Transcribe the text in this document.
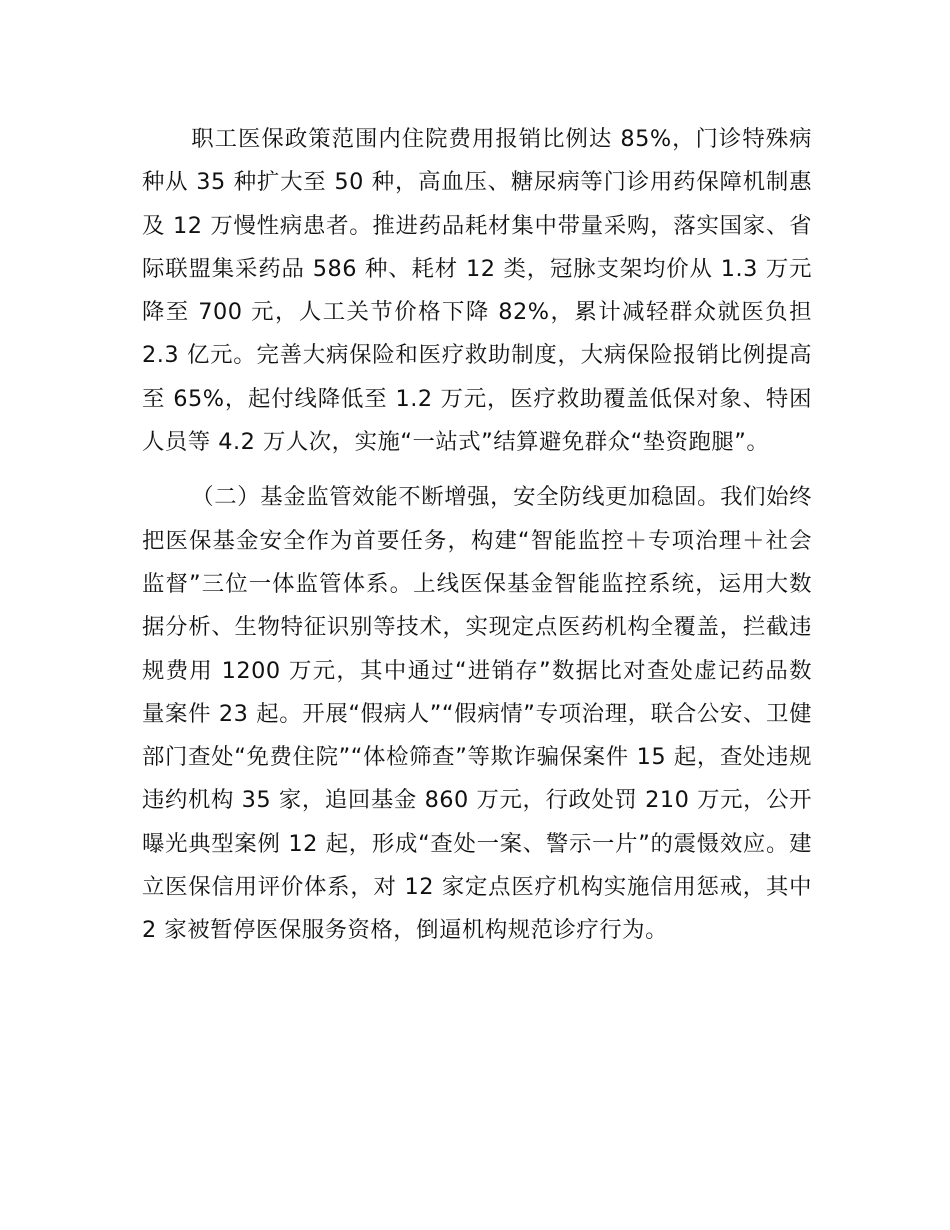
职工医保政策范围内住院费用报销比例达 85%，门诊特殊病种从 35 种扩大至 50 种，高血压、糖尿病等门诊用药保障机制惠及 12 万慢性病患者。推进药品耗材集中带量采购，落实国家、省际联盟集采药品 586 种、耗材 12 类，冠脉支架均价从 1.3 万元降至 700 元，人工关节价格下降 82%，累计减轻群众就医负担 2.3 亿元。完善大病保险和医疗救助制度，大病保险报销比例提高至 65%，起付线降低至 1.2 万元，医疗救助覆盖低保对象、特困人员等 4.2 万人次，实施“一站式”结算避免群众“垫资跑腿”。

（二）基金监管效能不断增强，安全防线更加稳固。我们始终把医保基金安全作为首要任务，构建“智能监控＋专项治理＋社会监督”三位一体监管体系。上线医保基金智能监控系统，运用大数据分析、生物特征识别等技术，实现定点医药机构全覆盖，拦截违规费用 1200 万元，其中通过“进销存”数据比对查处虚记药品数量案件 23 起。开展“假病人”“假病情”专项治理，联合公安、卫健部门查处“免费住院”“体检筛查”等欺诈骗保案件 15 起，查处违规违约机构 35 家，追回基金 860 万元，行政处罚 210 万元，公开曝光典型案例 12 起，形成“查处一案、警示一片”的震慑效应。建立医保信用评价体系，对 12 家定点医疗机构实施信用惩戒，其中 2 家被暂停医保服务资格，倒逼机构规范诊疗行为。
